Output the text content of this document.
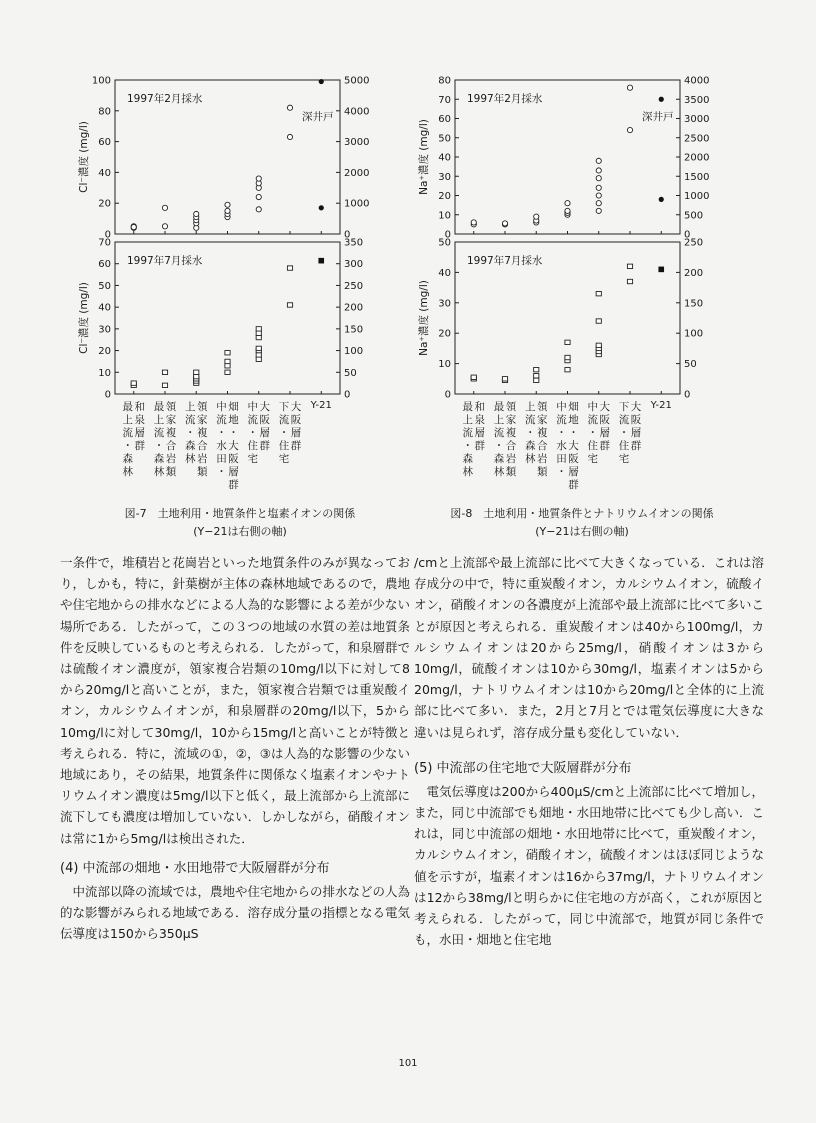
0
20
40
60
80
100
0
1000
2000
3000
4000
5000
1997年2月採水
深井戸
Cl⁻濃度 (mg/l)
0
10
20
30
40
50
60
70
0
50
100
150
200
250
300
350
1997年7月採水
Cl⁻濃度 (mg/l)
最
上
流
・
森
林
和
泉
層
群
最
上
流
・
森
林
領
家
複
合
岩
類
上
流
・
森
林
領
家
複
合
岩
類
中
流
・
水
田
・
畑
地
・
大
阪
層
群
中
流
・
住
宅
大
阪
層
群
下
流
・
住
宅
大
阪
層
群
Y-21
0
10
20
30
40
50
60
70
80
0
500
1000
1500
2000
2500
3000
3500
4000
1997年2月採水
深井戸
Na⁺濃度 (mg/l)
0
10
20
30
40
50
0
50
100
150
200
250
1997年7月採水
Na⁺濃度 (mg/l)
最
上
流
・
森
林
和
泉
層
群
最
上
流
・
森
林
領
家
複
合
岩
類
上
流
・
森
林
領
家
複
合
岩
類
中
流
・
水
田
・
畑
地
・
大
阪
層
群
中
流
・
住
宅
大
阪
層
群
下
流
・
住
宅
大
阪
層
群
Y-21
図-7　土地利用・地質条件と塩素イオンの関係
(Y−21は右側の軸)
図-8　土地利用・地質条件とナトリウムイオンの関係
(Y−21は右側の軸)

一条件で，堆積岩と花崗岩といった地質条件のみが異なっており，しかも，特に，針葉樹が主体の森林地域であるので，農地や住宅地からの排水などによる人為的な影響による差が少ない場所である．したがって，この３つの地域の水質の差は地質条件を反映しているものと考えられる．したがって，和泉層群では硫酸イオン濃度が，領家複合岩類の10mg/l以下に対して8から20mg/lと高いことが，また，領家複合岩類では重炭酸イオン，カルシウムイオンが，和泉層群の20mg/l以下，5から10mg/lに対して30mg/l，10から15mg/lと高いことが特徴と考えられる．特に，流域の①，②，③は人為的な影響の少ない地域にあり，その結果，地質条件に関係なく塩素イオンやナトリウムイオン濃度は5mg/l以下と低く，最上流部から上流部に流下しても濃度は増加していない．しかしながら，硝酸イオンは常に1から5mg/lは検出された．

(4) 中流部の畑地・水田地帯で大阪層群が分布

中流部以降の流域では，農地や住宅地からの排水などの人為的な影響がみられる地域である．溶存成分量の指標となる電気伝導度は150から350μS

/cmと上流部や最上流部に比べて大きくなっている．これは溶存成分の中で，特に重炭酸イオン，カルシウムイオン，硫酸イオン，硝酸イオンの各濃度が上流部や最上流部に比べて多いことが原因と考えられる．重炭酸イオンは40から100mg/l，カルシウムイオンは20から25mg/l，硝酸イオンは3から10mg/l，硫酸イオンは10から30mg/l，塩素イオンは5から20mg/l，ナトリウムイオンは10から20mg/lと全体的に上流部に比べて多い．また，2月と7月とでは電気伝導度に大きな違いは見られず，溶存成分量も変化していない．

(5) 中流部の住宅地で大阪層群が分布

電気伝導度は200から400μS/cmと上流部に比べて増加し，また，同じ中流部でも畑地・水田地帯に比べても少し高い．これは，同じ中流部の畑地・水田地帯に比べて，重炭酸イオン，カルシウムイオン，硝酸イオン，硫酸イオンはほぼ同じような値を示すが，塩素イオンは16から37mg/l，ナトリウムイオンは12から38mg/lと明らかに住宅地の方が高く，これが原因と考えられる．したがって，同じ中流部で，地質が同じ条件でも，水田・畑地と住宅地

101
